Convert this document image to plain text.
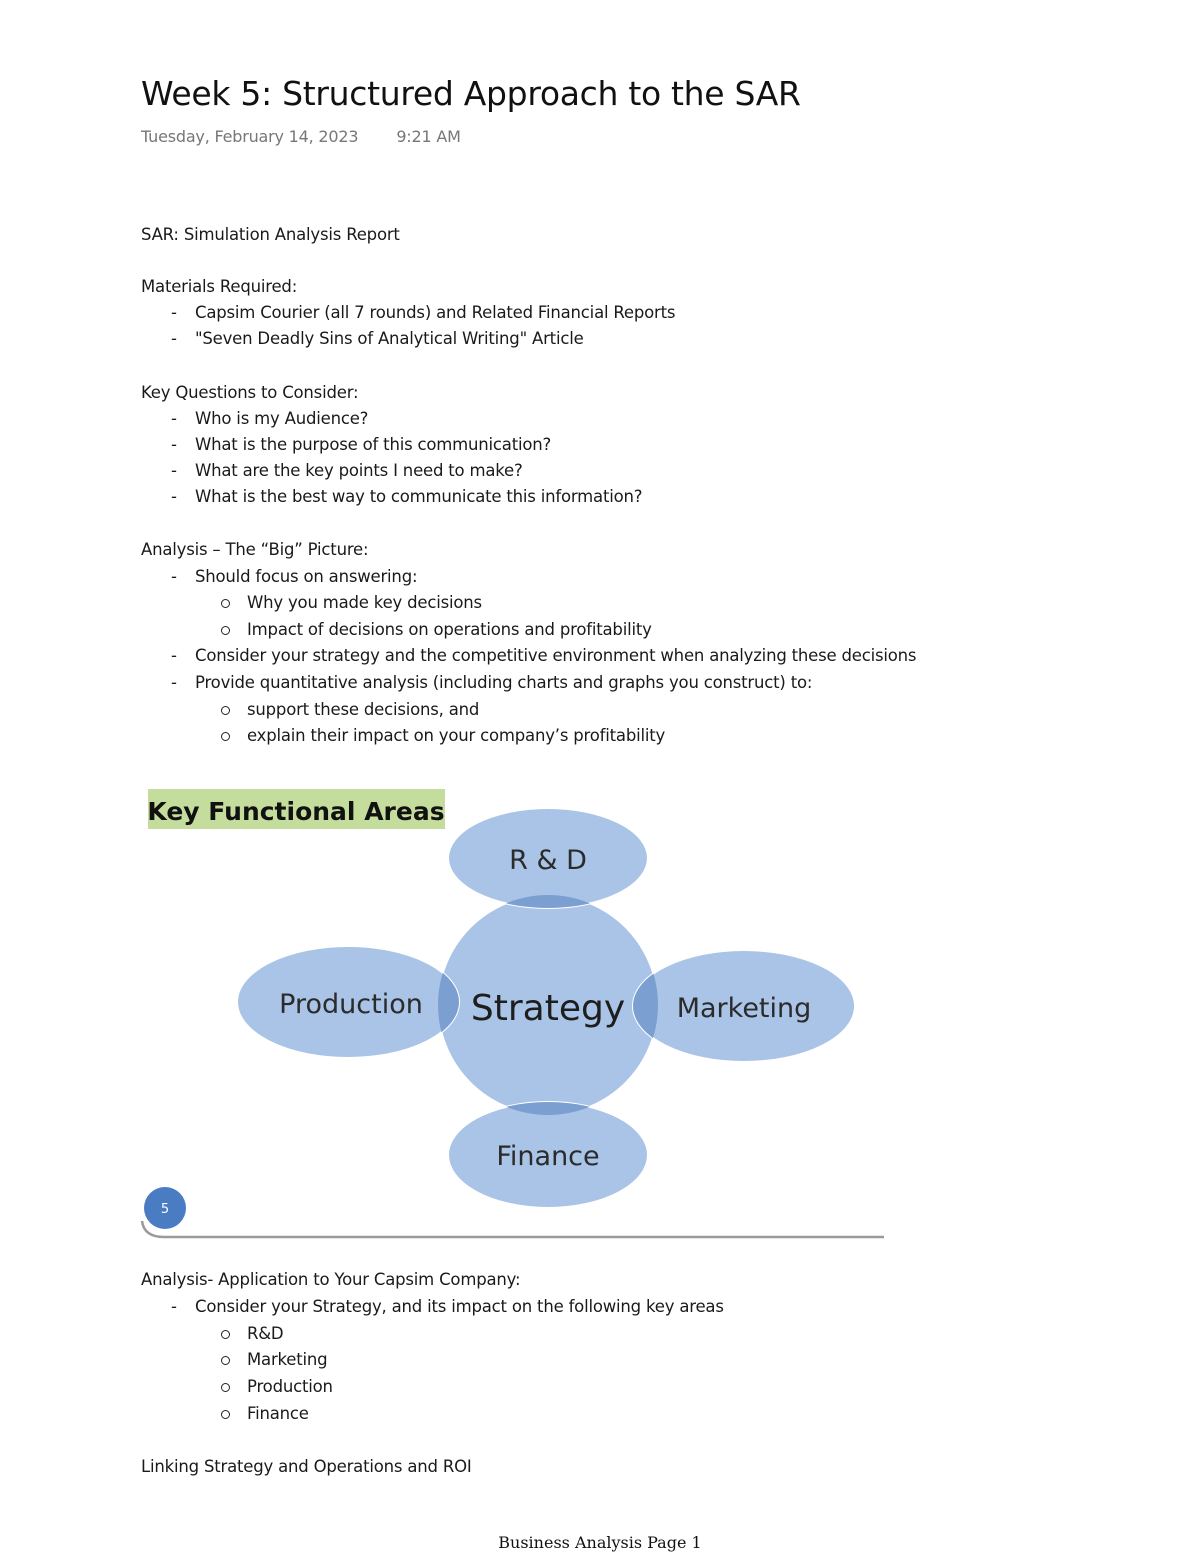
Week 5: Structured Approach to the SAR
Tuesday, February 14, 2023 9:21 AM
SAR: Simulation Analysis Report
Materials Required:
- Capsim Courier (all 7 rounds) and Related Financial Reports
- "Seven Deadly Sins of Analytical Writing" Article
Key Questions to Consider:
- Who is my Audience?
- What is the purpose of this communication?
- What are the key points I need to make?
- What is the best way to communicate this information?
Analysis – The “Big” Picture:
- Should focus on answering:
Why you made key decisions
Impact of decisions on operations and profitability
- Consider your strategy and the competitive environment when analyzing these decisions
- Provide quantitative analysis (including charts and graphs you construct) to:
support these decisions, and
explain their impact on your company’s profitability
Key Functional Areas
R & D
Production Strategy Marketing
Finance
5
Analysis- Application to Your Capsim Company:
- Consider your Strategy, and its impact on the following key areas
R&D
Marketing
Production
Finance
Linking Strategy and Operations and ROI
Business Analysis Page 1
